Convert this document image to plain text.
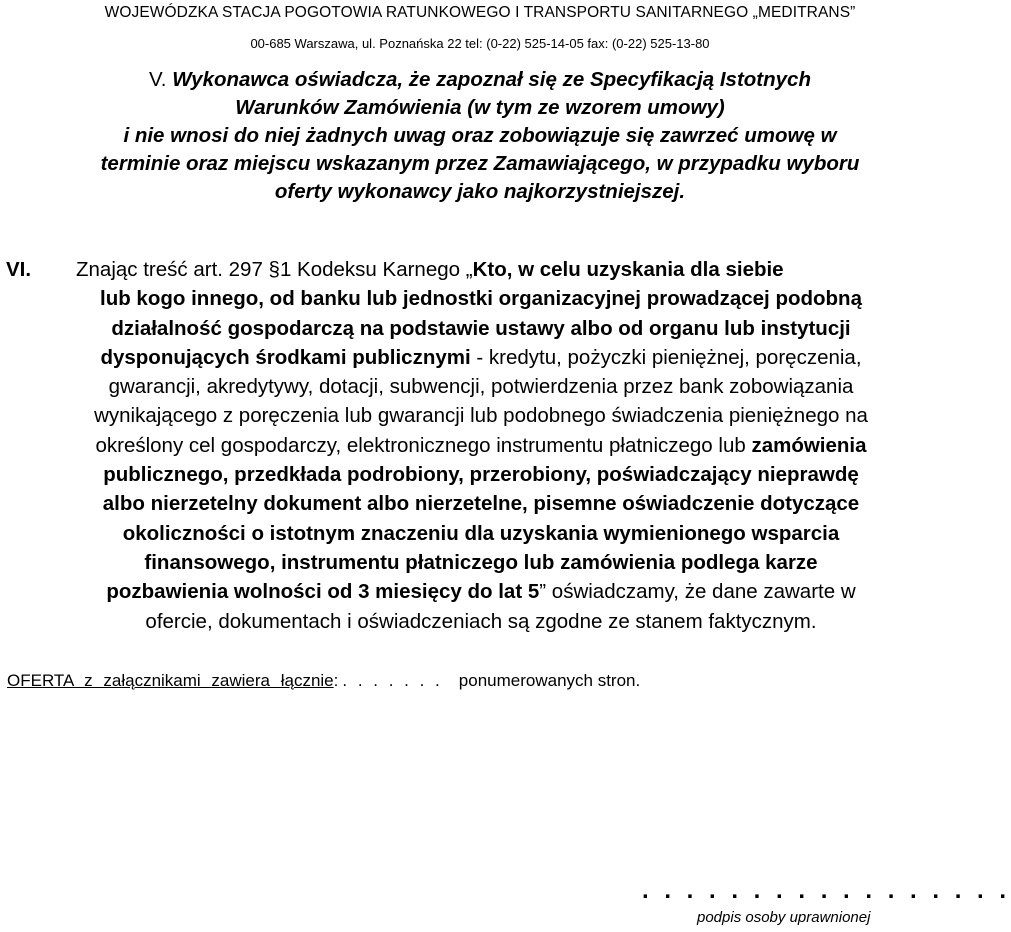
WOJEWÓDZKA STACJA POGOTOWIA RATUNKOWEGO I TRANSPORTU SANITARNEGO „MEDITRANS”
00-685 Warszawa, ul. Poznańska 22 tel: (0-22) 525-14-05 fax: (0-22) 525-13-80
V. Wykonawca oświadcza, że zapoznał się ze Specyfikacją Istotnych
Warunków Zamówienia (w tym ze wzorem umowy)
i nie wnosi do niej żadnych uwag oraz zobowiązuje się zawrzeć umowę w
terminie oraz miejscu wskazanym przez Zamawiającego, w przypadku wyboru
oferty wykonawcy jako najkorzystniejszej.
VI. Znając treść art. 297 §1 Kodeksu Karnego „Kto, w celu uzyskania dla siebie
lub kogo innego, od banku lub jednostki organizacyjnej prowadzącej podobną
działalność gospodarczą na podstawie ustawy albo od organu lub instytucji
dysponujących środkami publicznymi - kredytu, pożyczki pieniężnej, poręczenia,
gwarancji, akredytywy, dotacji, subwencji, potwierdzenia przez bank zobowiązania
wynikającego z poręczenia lub gwarancji lub podobnego świadczenia pieniężnego na
określony cel gospodarczy, elektronicznego instrumentu płatniczego lub zamówienia
publicznego, przedkłada podrobiony, przerobiony, poświadczający nieprawdę
albo nierzetelny dokument albo nierzetelne, pisemne oświadczenie dotyczące
okoliczności o istotnym znaczeniu dla uzyskania wymienionego wsparcia
finansowego, instrumentu płatniczego lub zamówienia podlega karze
pozbawienia wolności od 3 miesięcy do lat 5” oświadczamy, że dane zawarte w
ofercie, dokumentach i oświadczeniach są zgodne ze stanem faktycznym.
OFERTA z załącznikami zawiera łącznie: . . . . . . . ponumerowanych stron.
. . . . . . . . . . . . . . . . .
podpis osoby uprawnionej
